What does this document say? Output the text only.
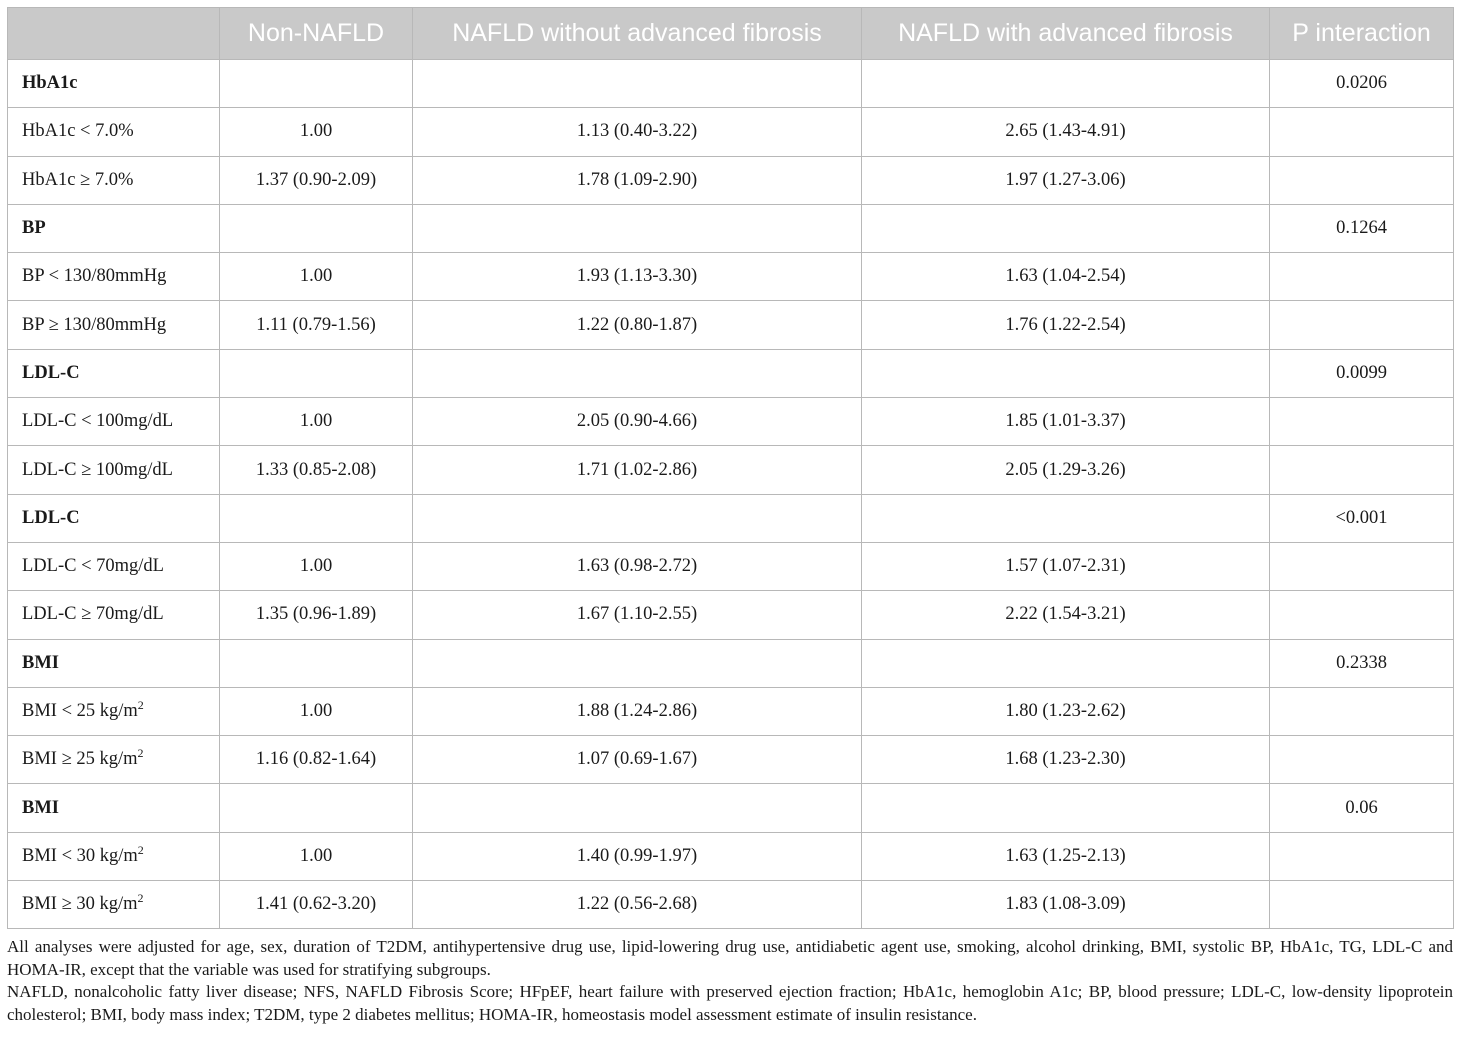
	Non-NAFLD	NAFLD without advanced fibrosis	NAFLD with advanced fibrosis	P interaction
HbA1c				0.0206
HbA1c < 7.0%	1.00	1.13 (0.40-3.22)	2.65 (1.43-4.91)	
HbA1c ≥ 7.0%	1.37 (0.90-2.09)	1.78 (1.09-2.90)	1.97 (1.27-3.06)	
BP				0.1264
BP < 130/80mmHg	1.00	1.93 (1.13-3.30)	1.63 (1.04-2.54)	
BP ≥ 130/80mmHg	1.11 (0.79-1.56)	1.22 (0.80-1.87)	1.76 (1.22-2.54)	
LDL-C				0.0099
LDL-C < 100mg/dL	1.00	2.05 (0.90-4.66)	1.85 (1.01-3.37)	
LDL-C ≥ 100mg/dL	1.33 (0.85-2.08)	1.71 (1.02-2.86)	2.05 (1.29-3.26)	
LDL-C				<0.001
LDL-C < 70mg/dL	1.00	1.63 (0.98-2.72)	1.57 (1.07-2.31)	
LDL-C ≥ 70mg/dL	1.35 (0.96-1.89)	1.67 (1.10-2.55)	2.22 (1.54-3.21)	
BMI				0.2338
BMI < 25 $kg/m^2$	1.00	1.88 (1.24-2.86)	1.80 (1.23-2.62)	
BMI ≥ 25 $kg/m^2$	1.16 (0.82-1.64)	1.07 (0.69-1.67)	1.68 (1.23-2.30)	
BMI				0.06
BMI < 30 $kg/m^2$	1.00	1.40 (0.99-1.97)	1.63 (1.25-2.13)	
BMI ≥ 30 $kg/m^2$	1.41 (0.62-3.20)	1.22 (0.56-2.68)	1.83 (1.08-3.09)	

All analyses were adjusted for age, sex, duration of T2DM, antihypertensive drug use, lipid-lowering drug use, antidiabetic agent use, smoking, alcohol drinking, BMI, systolic BP, HbA1c, TG, LDL-C and HOMA-IR, except that the variable was used for stratifying subgroups.

NAFLD, nonalcoholic fatty liver disease; NFS, NAFLD Fibrosis Score; HFpEF, heart failure with preserved ejection fraction; HbA1c, hemoglobin A1c; BP, blood pressure; LDL-C, low-density lipoprotein cholesterol; BMI, body mass index; T2DM, type 2 diabetes mellitus; HOMA-IR, homeostasis model assessment estimate of insulin resistance.
